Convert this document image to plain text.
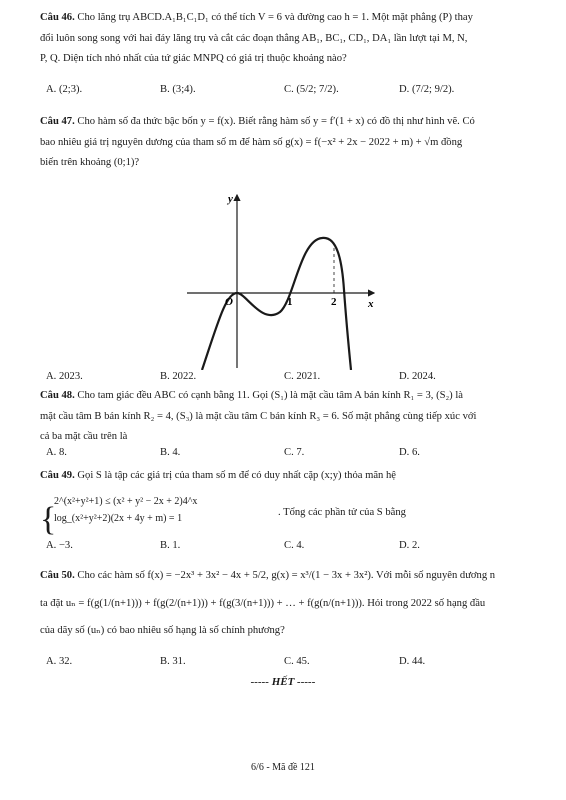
Câu 46. Cho lăng trụ ABCD.A₁B₁C₁D₁ có thể tích V = 6 và đường cao h = 1. Một mặt phẳng (P) thay
đổi luôn song song với hai đáy lăng trụ và cắt các đoạn thẳng AB₁, BC₁, CD₁, DA₁ lần lượt tại M, N,
P, Q. Diện tích nhỏ nhất của tứ giác MNPQ có giá trị thuộc khoảng nào?
A. (2;3).	B. (3;4).	C. (5/2; 7/2).	D. (7/2; 9/2).
Câu 47. Cho hàm số đa thức bậc bốn y = f(x). Biết rằng hàm số y = f′(1 + x) có đồ thị như hình vẽ. Có
bao nhiêu giá trị nguyên dương của tham số m để hàm số g(x) = f(−x² + 2x − 2022 + m) + √m đồng
biến trên khoảng (0;1)?
y
x
O	1	2
A. 2023.	B. 2022.	C. 2021.	D. 2024.
Câu 48. Cho tam giác đều ABC có cạnh bằng 11. Gọi (S₁) là mặt cầu tâm A bán kính R₁ = 3, (S₂) là
mặt cầu tâm B bán kính R₂ = 4, (S₃) là mặt cầu tâm C bán kính R₃ = 6. Số mặt phẳng cùng tiếp xúc với
cả ba mặt cầu trên là
A. 8.	B. 4.	C. 7.	D. 6.
Câu 49. Gọi S là tập các giá trị của tham số m để có duy nhất cặp (x;y) thỏa mãn hệ
{
2^(x²+y²+1) ≤ (x² + y² − 2x + 2)4^x
log_(x²+y²+2)(2x + 4y + m) = 1
. Tổng các phần tử của S bằng
A. −3.	B. 1.	C. 4.	D. 2.
Câu 50. Cho các hàm số f(x) = −2x³ + 3x² − 4x + 5/2, g(x) = x³/(1 − 3x + 3x²). Với mỗi số nguyên dương n
ta đặt uₙ = f(g(1/(n+1))) + f(g(2/(n+1))) + f(g(3/(n+1))) + … + f(g(n/(n+1))). Hỏi trong 2022 số hạng đầu
của dãy số (uₙ) có bao nhiêu số hạng là số chính phương?
A. 32.	B. 31.	C. 45.	D. 44.
----- HẾT -----
6/6 - Mã đề 121
